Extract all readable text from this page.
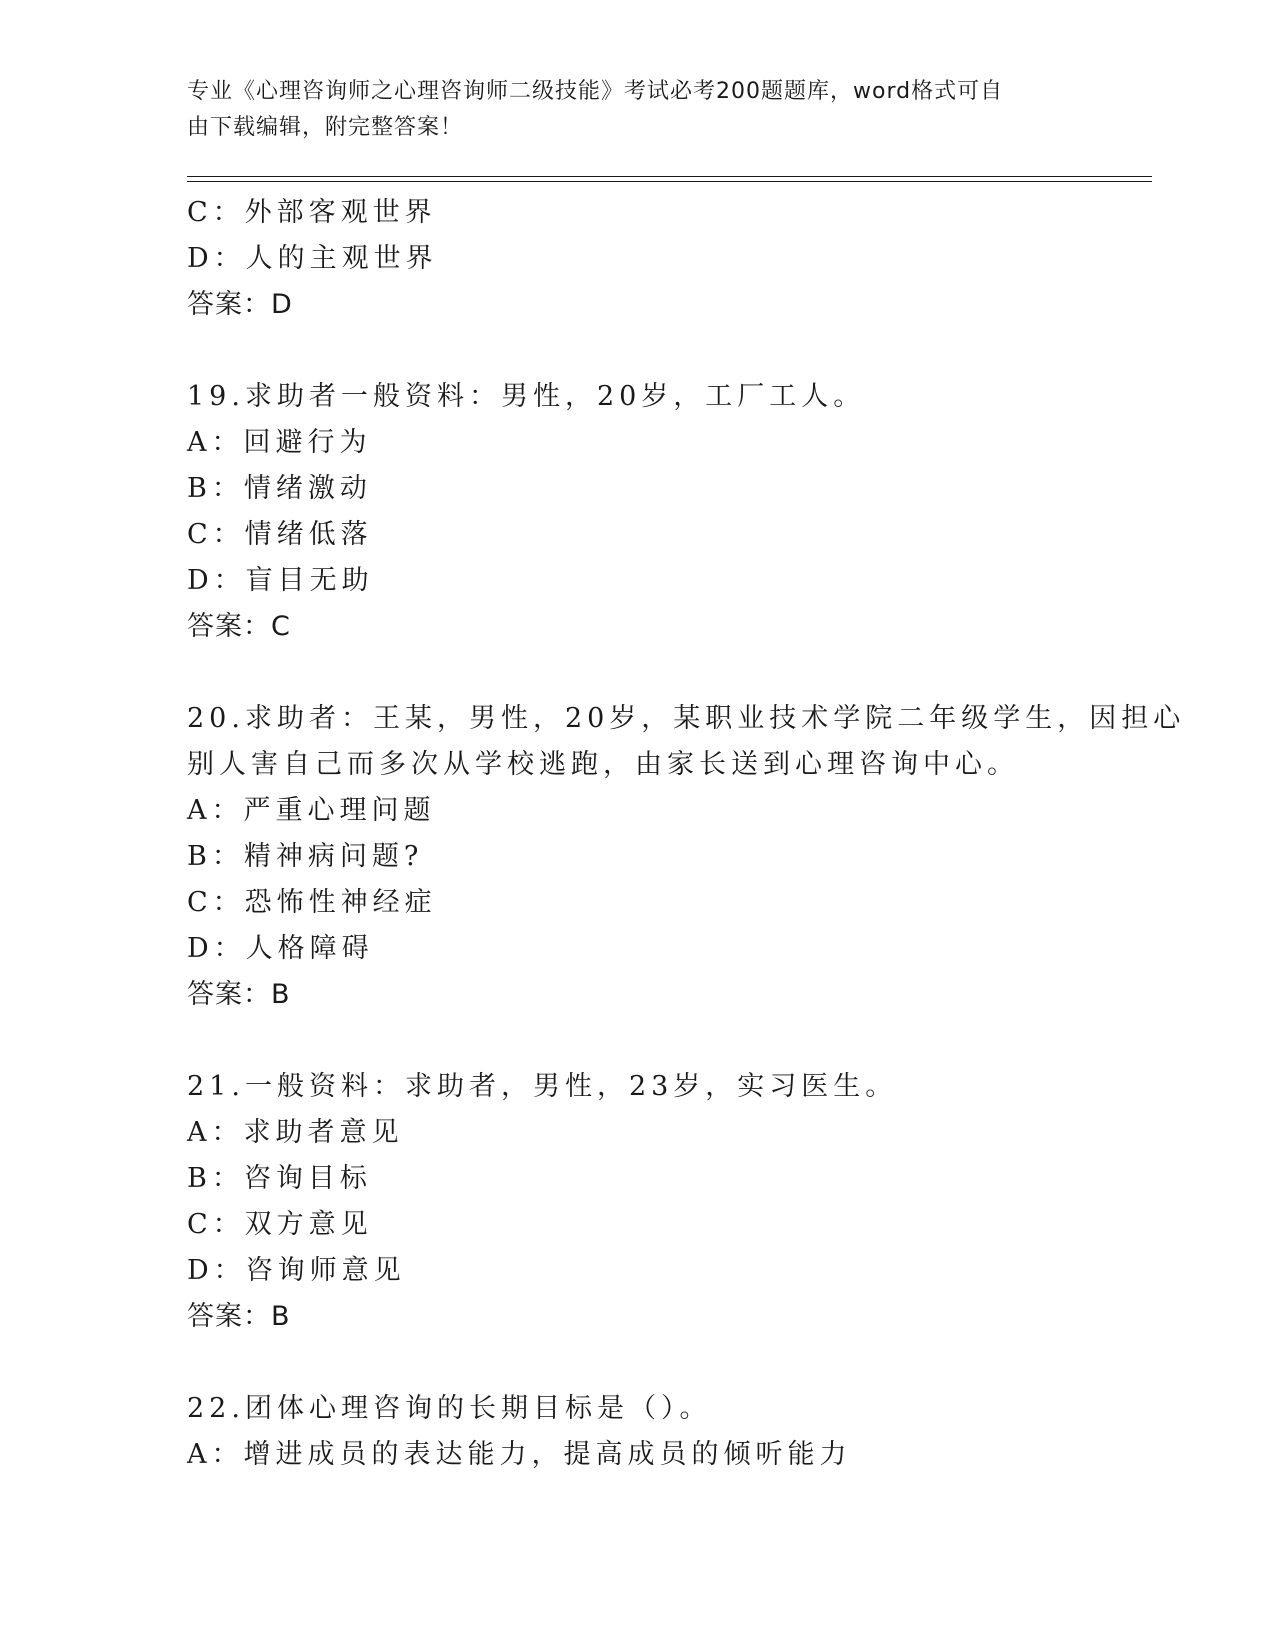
专业《心理咨询师之心理咨询师二级技能》考试必考200题题库，word格式可自
由下载编辑，附完整答案！
C：外部客观世界
D：人的主观世界
答案：D
19.求助者一般资料：男性，20岁，工厂工人。
A：回避行为
B：情绪激动
C：情绪低落
D：盲目无助
答案：C
20.求助者：王某，男性，20岁，某职业技术学院二年级学生，因担心
别人害自己而多次从学校逃跑，由家长送到心理咨询中心。
A：严重心理问题
B：精神病问题?
C：恐怖性神经症
D：人格障碍
答案：B
21.一般资料：求助者，男性，23岁，实习医生。
A：求助者意见
B：咨询目标
C：双方意见
D：咨询师意见
答案：B
22.团体心理咨询的长期目标是（）。
A：增进成员的表达能力，提高成员的倾听能力
